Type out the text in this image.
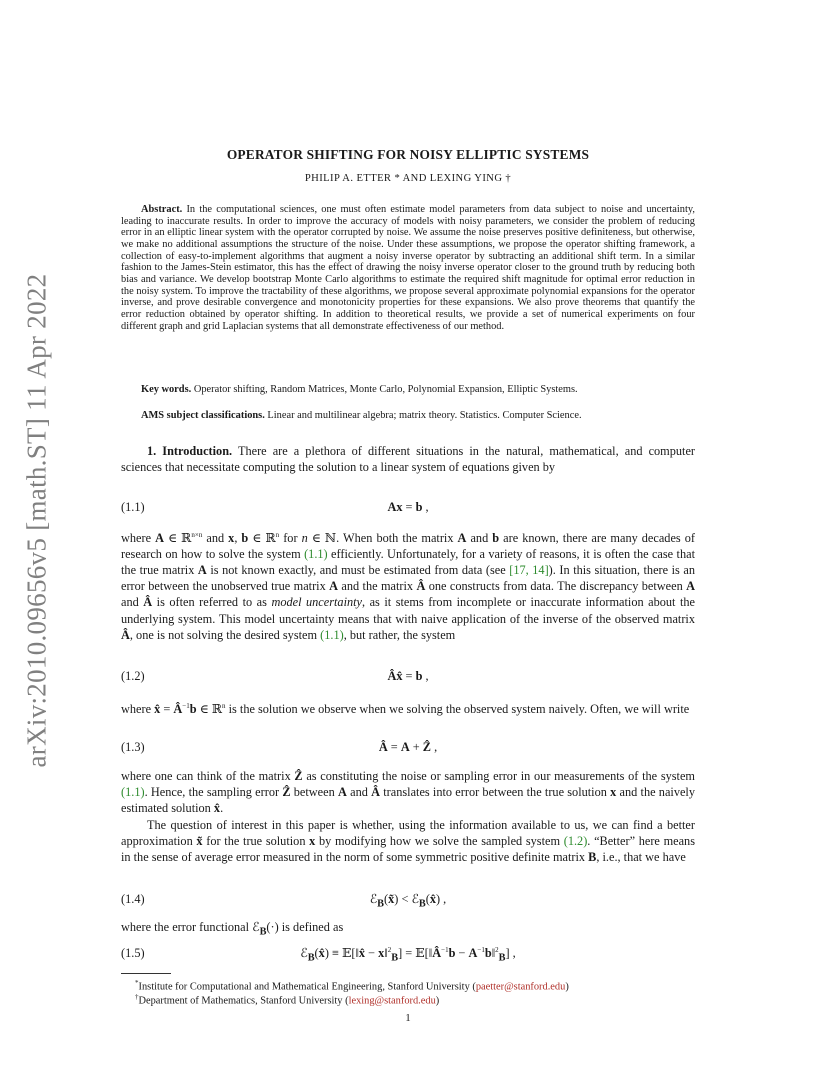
arXiv:2010.09656v5 [math.ST] 11 Apr 2022
OPERATOR SHIFTING FOR NOISY ELLIPTIC SYSTEMS
PHILIP A. ETTER * AND LEXING YING †
Abstract. In the computational sciences, one must often estimate model parameters from data subject to noise and uncertainty, leading to inaccurate results. In order to improve the accuracy of models with noisy parameters, we consider the problem of reducing error in an elliptic linear system with the operator corrupted by noise. We assume the noise preserves positive definiteness, but otherwise, we make no additional assumptions the structure of the noise. Under these assumptions, we propose the operator shifting framework, a collection of easy-to-implement algorithms that augment a noisy inverse operator by subtracting an additional shift term. In a similar fashion to the James-Stein estimator, this has the effect of drawing the noisy inverse operator closer to the ground truth by reducing both bias and variance. We develop bootstrap Monte Carlo algorithms to estimate the required shift magnitude for optimal error reduction in the noisy system. To improve the tractability of these algorithms, we propose several approximate polynomial expansions for the operator inverse, and prove desirable convergence and monotonicity properties for these expansions. We also prove theorems that quantify the error reduction obtained by operator shifting. In addition to theoretical results, we provide a set of numerical experiments on four different graph and grid Laplacian systems that all demonstrate effectiveness of our method.
Key words. Operator shifting, Random Matrices, Monte Carlo, Polynomial Expansion, Elliptic Systems.
AMS subject classifications. Linear and multilinear algebra; matrix theory. Statistics. Computer Science.
1. Introduction. There are a plethora of different situations in the natural, mathematical, and computer sciences that necessitate computing the solution to a linear system of equations given by
(1.1)	Ax = b ,
where A ∈ ℝ$^{n\times n}$ and x, b ∈ ℝ$^n$ for n ∈ ℕ. When both the matrix A and b are known, there are many decades of research on how to solve the system (1.1) efficiently. Unfortunately, for a variety of reasons, it is often the case that the true matrix A is not known exactly, and must be estimated from data (see [17, 14]). In this situation, there is an error between the unobserved true matrix A and the matrix Â one constructs from data. The discrepancy between A and Â is often referred to as model uncertainty, as it stems from incomplete or inaccurate information about the underlying system. This model uncertainty means that with naive application of the inverse of the observed matrix Â, one is not solving the desired system (1.1), but rather, the system
(1.2)	Âx̂ = b ,
where x̂ = $Â^{-1}b$ ∈ ℝ$^n$ is the solution we observe when we solving the observed system naively. Often, we will write
(1.3)	Â = A + Ẑ ,
where one can think of the matrix Ẑ as constituting the noise or sampling error in our measurements of the system (1.1). Hence, the sampling error Ẑ between A and Â translates into error between the true solution x and the naively estimated solution x̂.
The question of interest in this paper is whether, using the information available to us, we can find a better approximation x̃ for the true solution x by modifying how we solve the sampled system (1.2). “Better” here means in the sense of average error measured in the norm of some symmetric positive definite matrix B, i.e., that we have
(1.4)	ℰ$_B$(x̃) < ℰ$_B$(x̂) ,
where the error functional ℰ$_B$(·) is defined as
(1.5)	ℰ$_B$(x̂) ≡ 𝔼[‖x̂ − x‖$^2_B$] = $𝔼[‖Â^{-1}b$ − $A^{-1}b‖^2_B$] ,
*Institute for Computational and Mathematical Engineering, Stanford University (paetter@stanford.edu)
†Department of Mathematics, Stanford University (lexing@stanford.edu)
1
